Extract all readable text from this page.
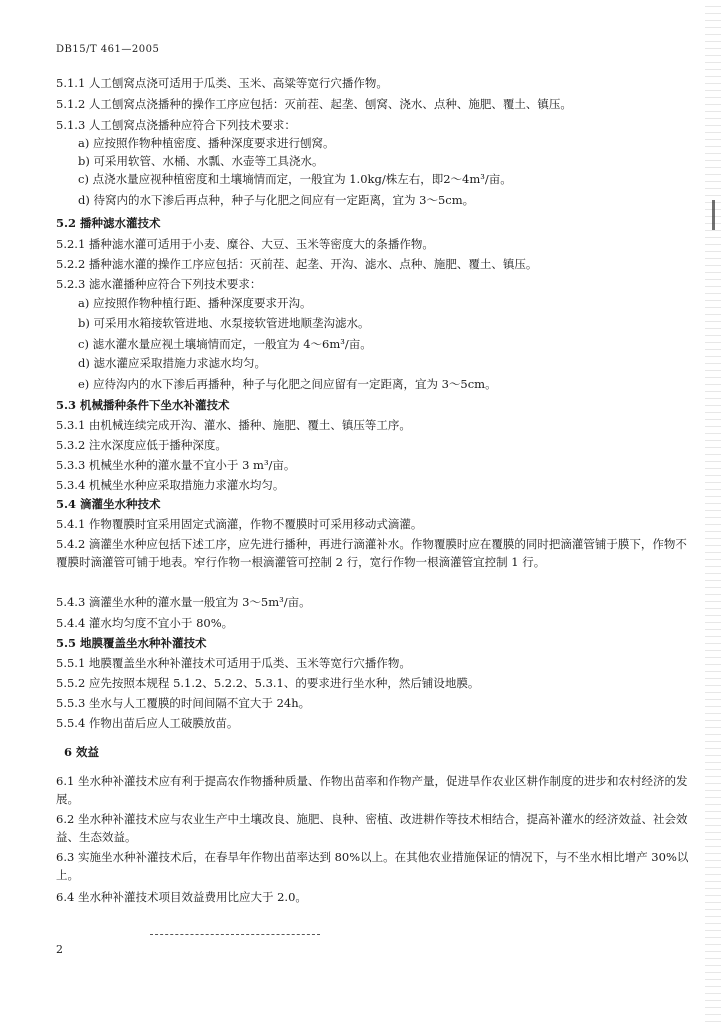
DB15/T 461—2005
5.1.1 人工刨窝点浇可适用于瓜类、玉米、高粱等宽行穴播作物。
5.1.2 人工刨窝点浇播种的操作工序应包括：灭前茬、起垄、刨窝、浇水、点种、施肥、覆土、镇压。
5.1.3 人工刨窝点浇播种应符合下列技术要求：
a) 应按照作物种植密度、播种深度要求进行刨窝。
b) 可采用软管、水桶、水瓢、水壶等工具浇水。
c) 点浇水量应视种植密度和土壤墒情而定，一般宜为 1.0kg/株左右，即2～4m³/亩。
d) 待窝内的水下渗后再点种，种子与化肥之间应有一定距离，宜为 3～5cm。
5.2 播种滤水灌技术
5.2.1 播种滤水灌可适用于小麦、糜谷、大豆、玉米等密度大的条播作物。
5.2.2 播种滤水灌的操作工序应包括：灭前茬、起垄、开沟、滤水、点种、施肥、覆土、镇压。
5.2.3 滤水灌播种应符合下列技术要求：
a) 应按照作物种植行距、播种深度要求开沟。
b) 可采用水箱接软管进地、水泵接软管进地顺垄沟滤水。
c) 滤水灌水量应视土壤墒情而定，一般宜为 4～6m³/亩。
d) 滤水灌应采取措施力求滤水均匀。
e) 应待沟内的水下渗后再播种，种子与化肥之间应留有一定距离，宜为 3～5cm。
5.3 机械播种条件下坐水补灌技术
5.3.1 由机械连续完成开沟、灌水、播种、施肥、覆土、镇压等工序。
5.3.2 注水深度应低于播种深度。
5.3.3 机械坐水种的灌水量不宜小于 3 m³/亩。
5.3.4 机械坐水种应采取措施力求灌水均匀。
5.4 滴灌坐水种技术
5.4.1 作物覆膜时宜采用固定式滴灌，作物不覆膜时可采用移动式滴灌。
5.4.2 滴灌坐水种应包括下述工序，应先进行播种，再进行滴灌补水。作物覆膜时应在覆膜的同时把滴灌管铺于膜下，作物不覆膜时滴灌管可铺于地表。窄行作物一根滴灌管可控制 2 行，宽行作物一根滴灌管宜控制 1 行。
5.4.3 滴灌坐水种的灌水量一般宜为 3～5m³/亩。
5.4.4 灌水均匀度不宜小于 80%。
5.5 地膜覆盖坐水种补灌技术
5.5.1 地膜覆盖坐水种补灌技术可适用于瓜类、玉米等宽行穴播作物。
5.5.2 应先按照本规程 5.1.2、5.2.2、5.3.1、的要求进行坐水种，然后铺设地膜。
5.5.3 坐水与人工覆膜的时间间隔不宜大于 24h。
5.5.4 作物出苗后应人工破膜放苗。
6 效益
6.1 坐水种补灌技术应有利于提高农作物播种质量、作物出苗率和作物产量，促进旱作农业区耕作制度的进步和农村经济的发展。
6.2 坐水种补灌技术应与农业生产中土壤改良、施肥、良种、密植、改进耕作等技术相结合，提高补灌水的经济效益、社会效益、生态效益。
6.3 实施坐水种补灌技术后，在春旱年作物出苗率达到 80%以上。在其他农业措施保证的情况下，与不坐水相比增产 30%以上。
6.4 坐水种补灌技术项目效益费用比应大于 2.0。
2
